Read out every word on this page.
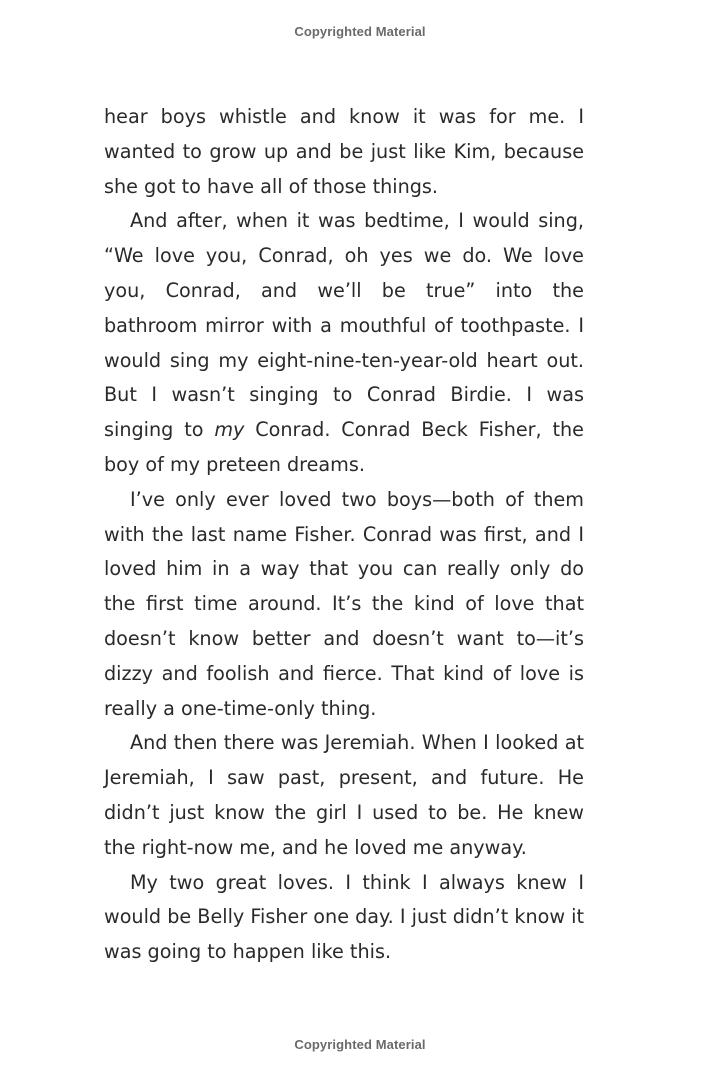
Copyrighted Material

hear boys whistle and know it was for me. I wanted to grow up and be just like Kim, because she got to have all of those things.

And after, when it was bedtime, I would sing, “We love you, Conrad, oh yes we do. We love you, Conrad, and we’ll be true” into the bathroom mirror with a mouthful of toothpaste. I would sing my eight-nine-ten-year-old heart out. But I wasn’t singing to Conrad Birdie. I was singing to my Conrad. Conrad Beck Fisher, the boy of my preteen dreams.

I’ve only ever loved two boys—both of them with the last name Fisher. Conrad was first, and I loved him in a way that you can really only do the first time around. It’s the kind of love that doesn’t know better and doesn’t want to—it’s dizzy and foolish and fierce. That kind of love is really a one-time-only thing.

And then there was Jeremiah. When I looked at Jeremiah, I saw past, present, and future. He didn’t just know the girl I used to be. He knew the right-now me, and he loved me anyway.

My two great loves. I think I always knew I would be Belly Fisher one day. I just didn’t know it was going to happen like this.

Copyrighted Material
